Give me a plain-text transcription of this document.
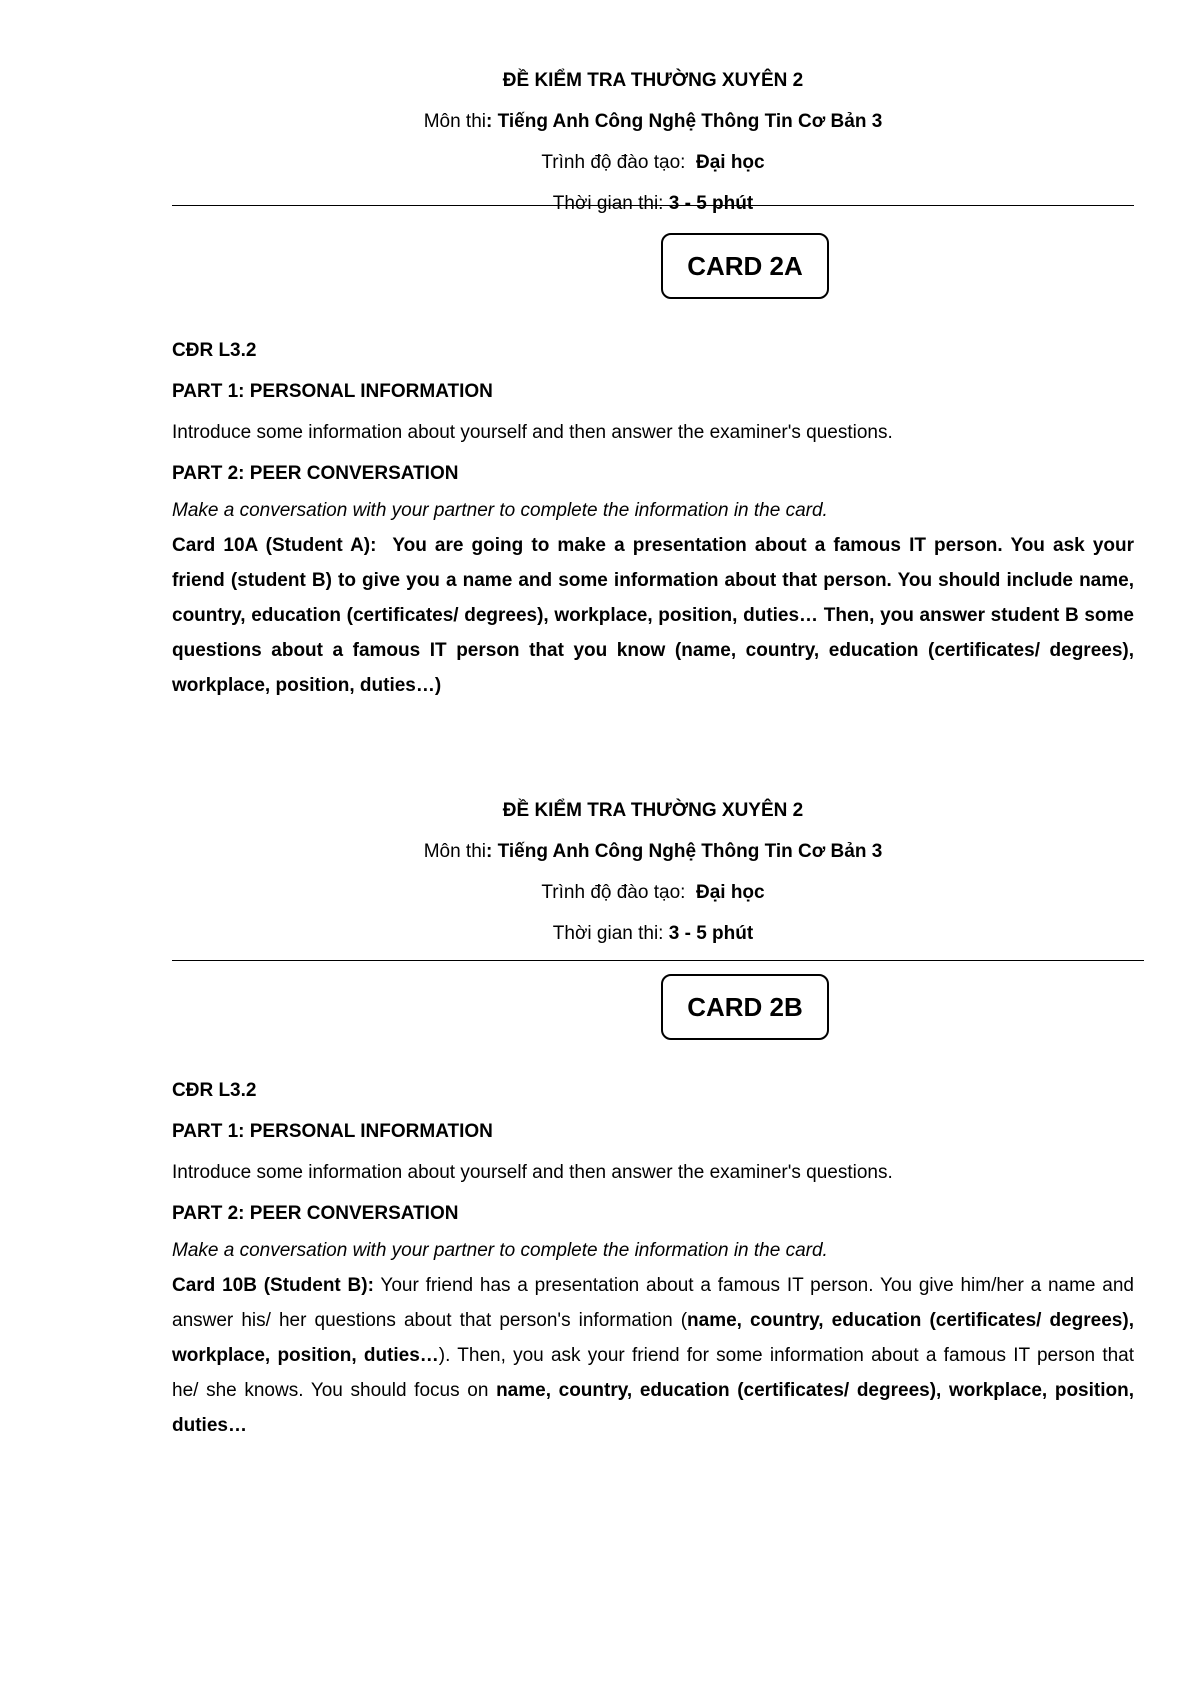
ĐỀ KIỂM TRA THƯỜNG XUYÊN 2
Môn thi: Tiếng Anh Công Nghệ Thông Tin Cơ Bản 3
Trình độ đào tạo:  Đại học
Thời gian thi: 3 - 5 phút
CARD 2A
CĐR L3.2
PART 1: PERSONAL INFORMATION
Introduce some information about yourself and then answer the examiner's questions.
PART 2: PEER CONVERSATION
Make a conversation with your partner to complete the information in the card.
Card 10A (Student A):  You are going to make a presentation about a famous IT person. You ask your friend (student B) to give you a name and some information about that person. You should include name, country, education (certificates/ degrees), workplace, position, duties… Then, you answer student B some questions about a famous IT person that you know (name, country, education (certificates/ degrees), workplace, position, duties…)
ĐỀ KIỂM TRA THƯỜNG XUYÊN 2
Môn thi: Tiếng Anh Công Nghệ Thông Tin Cơ Bản 3
Trình độ đào tạo:  Đại học
Thời gian thi: 3 - 5 phút
CARD 2B
CĐR L3.2
PART 1: PERSONAL INFORMATION
Introduce some information about yourself and then answer the examiner's questions.
PART 2: PEER CONVERSATION
Make a conversation with your partner to complete the information in the card.
Card 10B (Student B): Your friend has a presentation about a famous IT person. You give him/her a name and answer his/ her questions about that person's information (name, country, education (certificates/ degrees), workplace, position, duties…). Then, you ask your friend for some information about a famous IT person that he/ she knows. You should focus on name, country, education (certificates/ degrees), workplace, position, duties…
